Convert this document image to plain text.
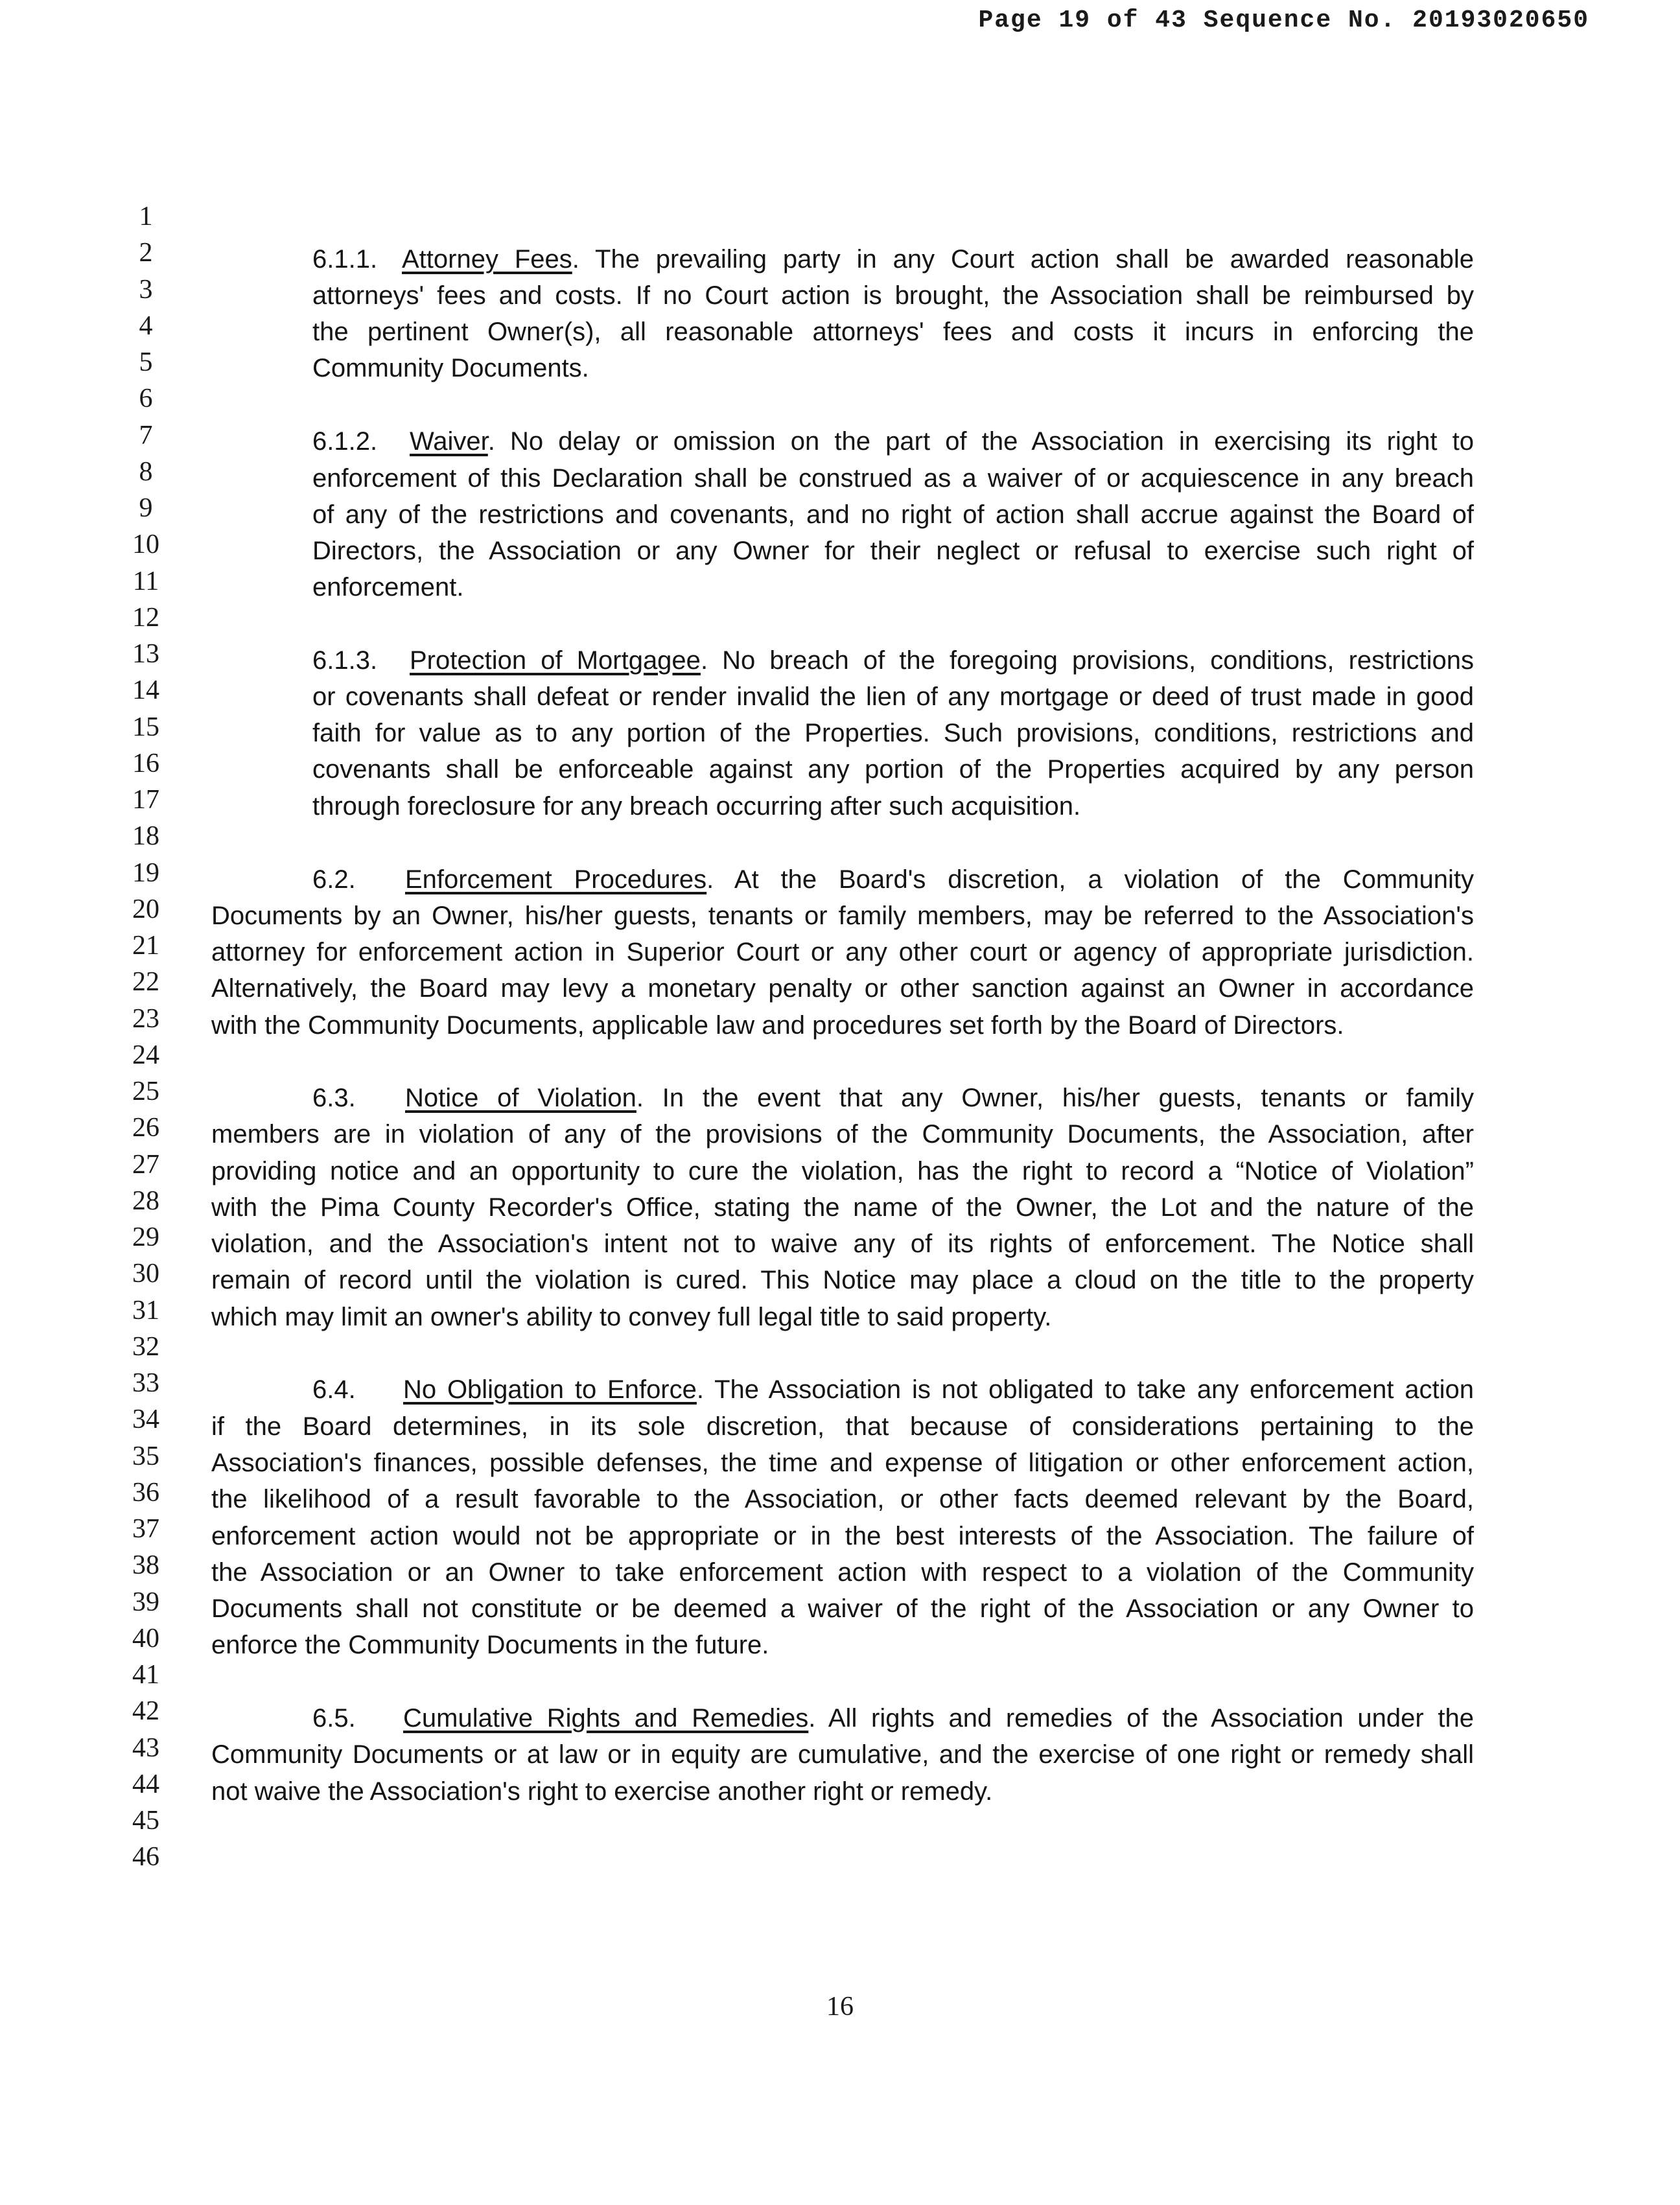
Page 19 of 43 Sequence No. 20193020650
1
2
3
4
5
6
7
8
9
10
11
12
13
14
15
16
17
18
19
20
21
22
23
24
25
26
27
28
29
30
31
32
33
34
35
36
37
38
39
40
41
42
43
44
45
46
6.1.1. Attorney Fees. The prevailing party in any Court action shall be awarded reasonable
attorneys' fees and costs. If no Court action is brought, the Association shall be reimbursed by
the pertinent Owner(s), all reasonable attorneys' fees and costs it incurs in enforcing the
Community Documents.
6.1.2. Waiver. No delay or omission on the part of the Association in exercising its right to
enforcement of this Declaration shall be construed as a waiver of or acquiescence in any breach
of any of the restrictions and covenants, and no right of action shall accrue against the Board of
Directors, the Association or any Owner for their neglect or refusal to exercise such right of
enforcement.
6.1.3. Protection of Mortgagee. No breach of the foregoing provisions, conditions, restrictions
or covenants shall defeat or render invalid the lien of any mortgage or deed of trust made in good
faith for value as to any portion of the Properties. Such provisions, conditions, restrictions and
covenants shall be enforceable against any portion of the Properties acquired by any person
through foreclosure for any breach occurring after such acquisition.
6.2. Enforcement Procedures. At the Board's discretion, a violation of the Community
Documents by an Owner, his/her guests, tenants or family members, may be referred to the Association's
attorney for enforcement action in Superior Court or any other court or agency of appropriate jurisdiction.
Alternatively, the Board may levy a monetary penalty or other sanction against an Owner in accordance
with the Community Documents, applicable law and procedures set forth by the Board of Directors.
6.3. Notice of Violation. In the event that any Owner, his/her guests, tenants or family
members are in violation of any of the provisions of the Community Documents, the Association, after
providing notice and an opportunity to cure the violation, has the right to record a “Notice of Violation”
with the Pima County Recorder's Office, stating the name of the Owner, the Lot and the nature of the
violation, and the Association's intent not to waive any of its rights of enforcement. The Notice shall
remain of record until the violation is cured. This Notice may place a cloud on the title to the property
which may limit an owner's ability to convey full legal title to said property.
6.4. No Obligation to Enforce. The Association is not obligated to take any enforcement action
if the Board determines, in its sole discretion, that because of considerations pertaining to the
Association's finances, possible defenses, the time and expense of litigation or other enforcement action,
the likelihood of a result favorable to the Association, or other facts deemed relevant by the Board,
enforcement action would not be appropriate or in the best interests of the Association. The failure of
the Association or an Owner to take enforcement action with respect to a violation of the Community
Documents shall not constitute or be deemed a waiver of the right of the Association or any Owner to
enforce the Community Documents in the future.
6.5. Cumulative Rights and Remedies. All rights and remedies of the Association under the
Community Documents or at law or in equity are cumulative, and the exercise of one right or remedy shall
not waive the Association's right to exercise another right or remedy.
16
